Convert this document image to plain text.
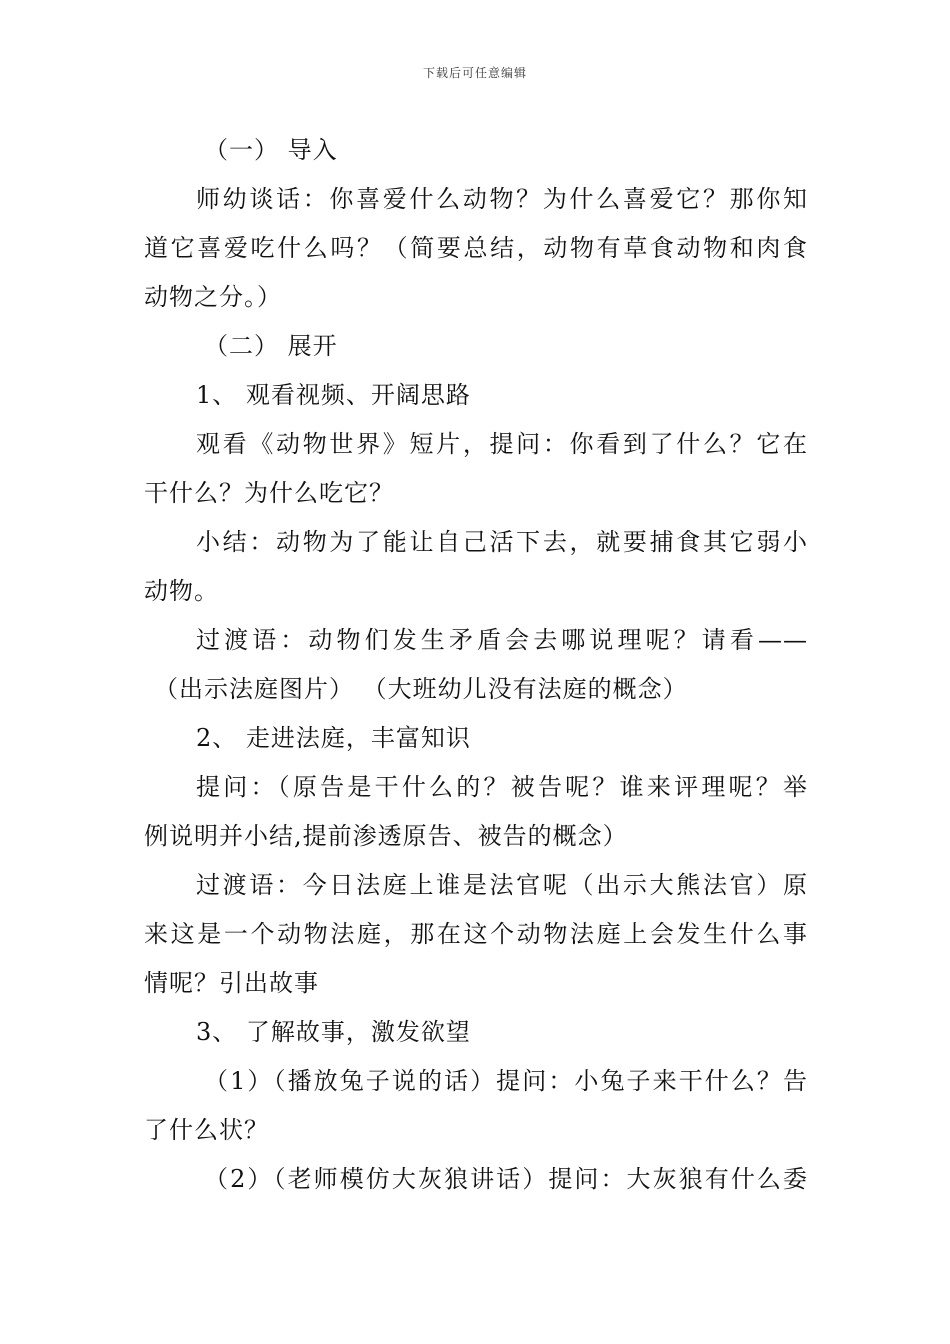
下载后可任意编辑
（一） 导入
师幼谈话：你喜爱什么动物？为什么喜爱它？那你知
道它喜爱吃什么吗？（简要总结，动物有草食动物和肉食
动物之分。）
（二） 展开
1、 观看视频、开阔思路
观看《动物世界》短片，提问：你看到了什么？它在
干什么？为什么吃它？
小结：动物为了能让自己活下去，就要捕食其它弱小
动物。
过渡语：动物们发生矛盾会去哪说理呢？请看——
（出示法庭图片） （大班幼儿没有法庭的概念）
2、 走进法庭，丰富知识
提问：（原告是干什么的？被告呢？谁来评理呢？举
例说明并小结,提前渗透原告、被告的概念）
过渡语：今日法庭上谁是法官呢（出示大熊法官）原
来这是一个动物法庭，那在这个动物法庭上会发生什么事
情呢？引出故事
3、 了解故事，激发欲望
（1）（播放兔子说的话）提问：小兔子来干什么？告
了什么状？
（2）（老师模仿大灰狼讲话）提问：大灰狼有什么委
